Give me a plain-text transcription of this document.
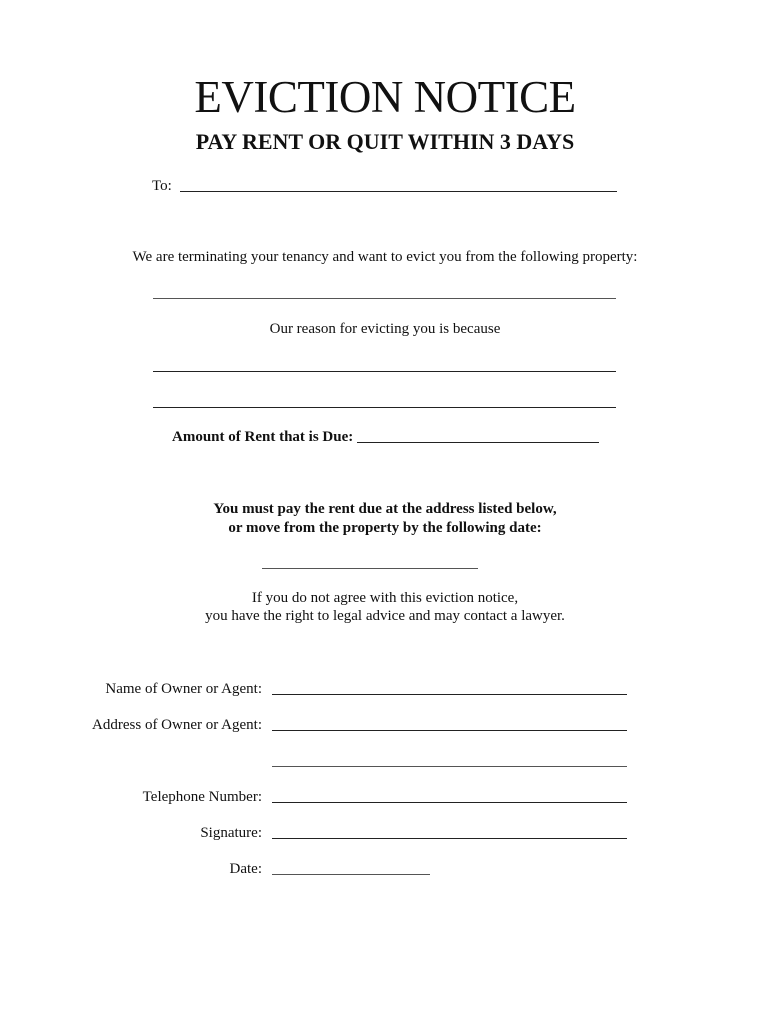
EVICTION NOTICE
PAY RENT OR QUIT WITHIN 3 DAYS
To:
We are terminating your tenancy and want to evict you from the following property:
Our reason for evicting you is because
Amount of Rent that is Due:
You must pay the rent due at the address listed below,
or move from the property by the following date:
If you do not agree with this eviction notice,
you have the right to legal advice and may contact a lawyer.
Name of Owner or Agent:
Address of Owner or Agent:
Telephone Number:
Signature:
Date:
